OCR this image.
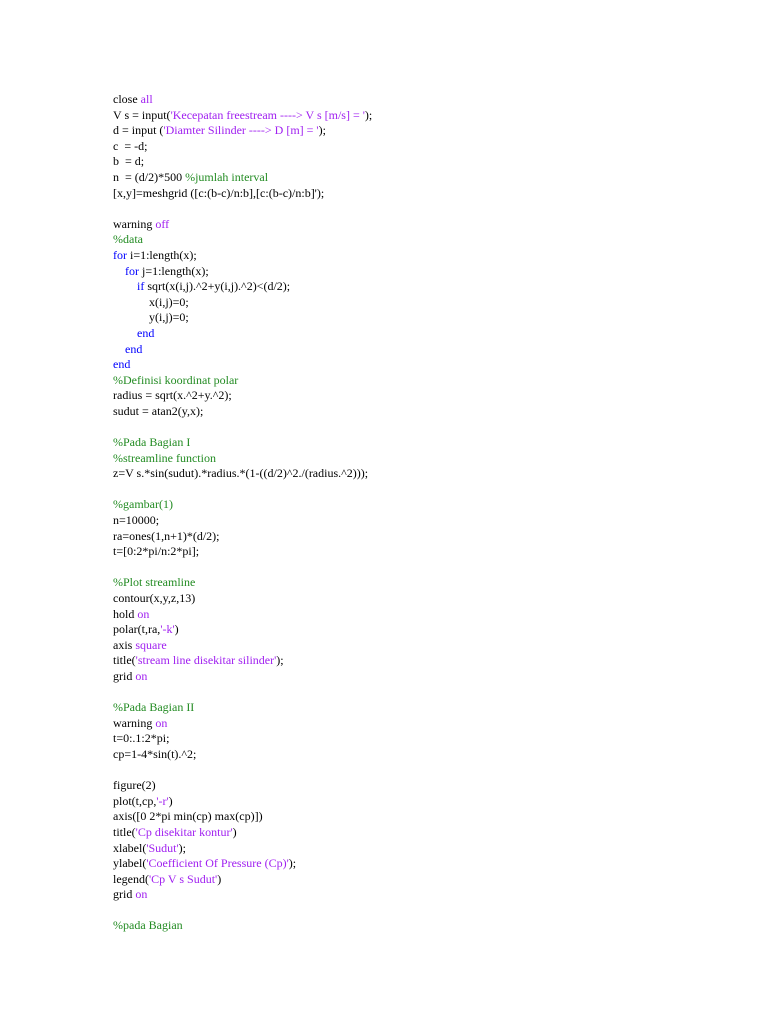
close all
V s = input('Kecepatan freestream ----> V s [m/s] = ');
d = input ('Diamter Silinder ----> D [m] = ');
c  = -d;
b  = d;
n  = (d/2)*500 %jumlah interval
[x,y]=meshgrid ([c:(b-c)/n:b],[c:(b-c)/n:b]');
warning off
%data
for i=1:length(x);
for j=1:length(x);
if sqrt(x(i,j).^2+y(i,j).^2)<(d/2);
x(i,j)=0;
y(i,j)=0;
end
end
end
%Definisi koordinat polar
radius = sqrt(x.^2+y.^2);
sudut = atan2(y,x);
%Pada Bagian I
%streamline function
z=V s.*sin(sudut).*radius.*(1-((d/2)^2./(radius.^2)));
%gambar(1)
n=10000;
ra=ones(1,n+1)*(d/2);
t=[0:2*pi/n:2*pi];
%Plot streamline
contour(x,y,z,13)
hold on
polar(t,ra,'-k')
axis square
title('stream line disekitar silinder');
grid on
%Pada Bagian II
warning on
t=0:.1:2*pi;
cp=1-4*sin(t).^2;
figure(2)
plot(t,cp,'-r')
axis([0 2*pi min(cp) max(cp)])
title('Cp disekitar kontur')
xlabel('Sudut');
ylabel('Coefficient Of Pressure (Cp)');
legend('Cp V s Sudut')
grid on
%pada Bagian
